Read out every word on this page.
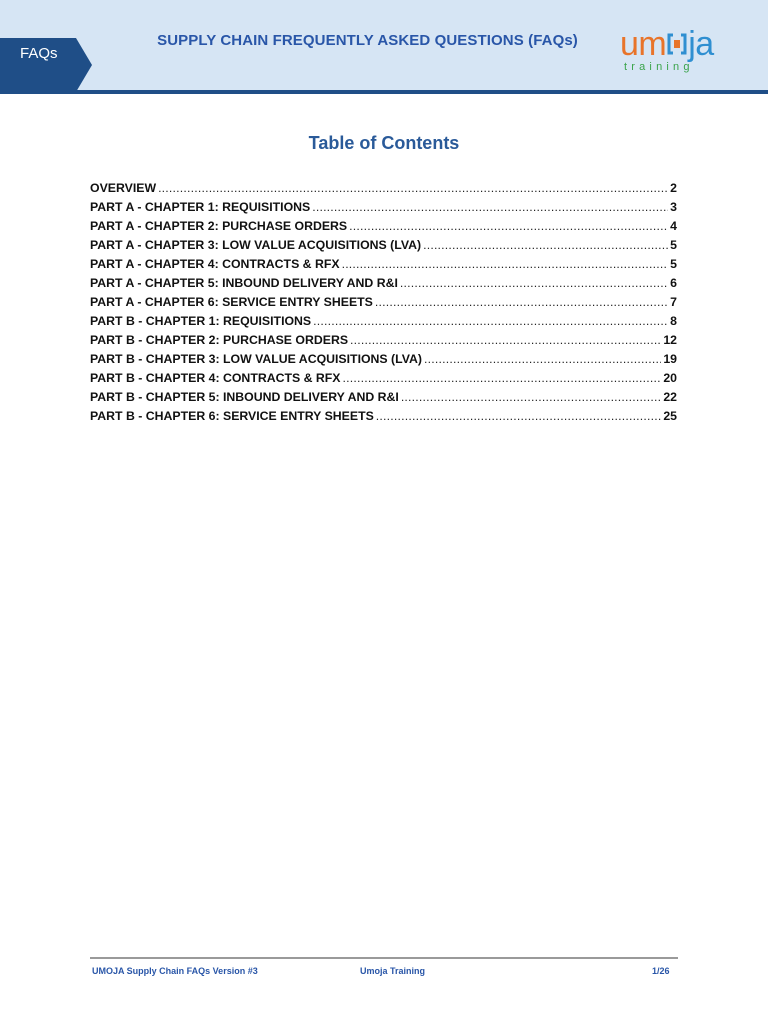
FAQs
SUPPLY CHAIN FREQUENTLY ASKED QUESTIONS (FAQs)	um ja
training
Table of Contents
OVERVIEW .....	2
PART A - CHAPTER 1: REQUISITIONS .....	3
PART A - CHAPTER 2: PURCHASE ORDERS .....	4
PART A - CHAPTER 3: LOW VALUE ACQUISITIONS (LVA) .....	5
PART A - CHAPTER 4: CONTRACTS & RFX .....	5
PART A - CHAPTER 5: INBOUND DELIVERY AND R&I .....	6
PART A - CHAPTER 6: SERVICE ENTRY SHEETS .....	7
PART B - CHAPTER 1: REQUISITIONS .....	8
PART B - CHAPTER 2: PURCHASE ORDERS .....	12
PART B - CHAPTER 3: LOW VALUE ACQUISITIONS (LVA) .....	19
PART B - CHAPTER 4: CONTRACTS & RFX .....	20
PART B - CHAPTER 5: INBOUND DELIVERY AND R&I .....	22
PART B - CHAPTER 6: SERVICE ENTRY SHEETS .....	25
UMOJA Supply Chain FAQs Version #3	Umoja Training	1/26
